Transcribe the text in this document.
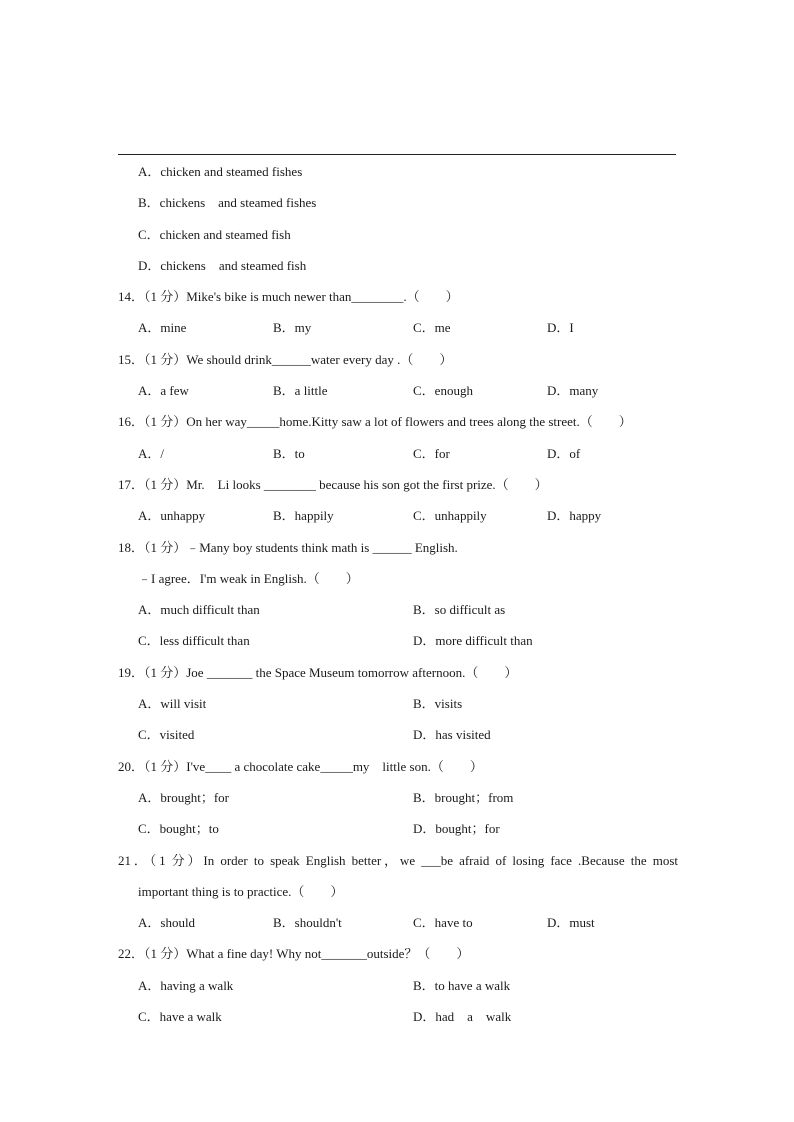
A．chicken and steamed fishes
B．chickens　and steamed fishes
C．chicken and steamed fish
D．chickens　and steamed fish
14．（1 分）Mike's bike is much newer than________.（　　）
A．mine	B．my	C．me	D．I
15．（1 分）We should drink______water every day .（　　）
A．a few	B．a little	C．enough	D．many
16．（1 分）On her way_____home.Kitty saw a lot of flowers and trees along the street.（　　）
A．/	B．to	C．for	D．of
17．（1 分）Mr.　Li looks ________ because his son got the first prize.（　　）
A．unhappy	B．happily	C．unhappily	D．happy
18．（1 分）﹣Many boy students think math is ______ English.
﹣I agree．I'm weak in English.（　　）
A．much difficult than	B．so difficult as
C．less difficult than	D．more difficult than
19．（1 分）Joe _______ the Space Museum tomorrow afternoon.（　　）
A．will visit	B．visits
C．visited	D．has visited
20．（1 分）I've____ a chocolate cake_____my　little son.（　　）
A．brought；for	B．brought；from
C．bought；to	D．bought；for
21．（1 分）In order to speak English better，we ___be afraid of losing face .Because the most
important thing is to practice.（　　）
A．should	B．shouldn't	C．have to	D．must
22．（1 分）What a fine day! Why not_______outside？（　　）
A．having a walk	B．to have a walk
C．have a walk	D．had　a　walk
